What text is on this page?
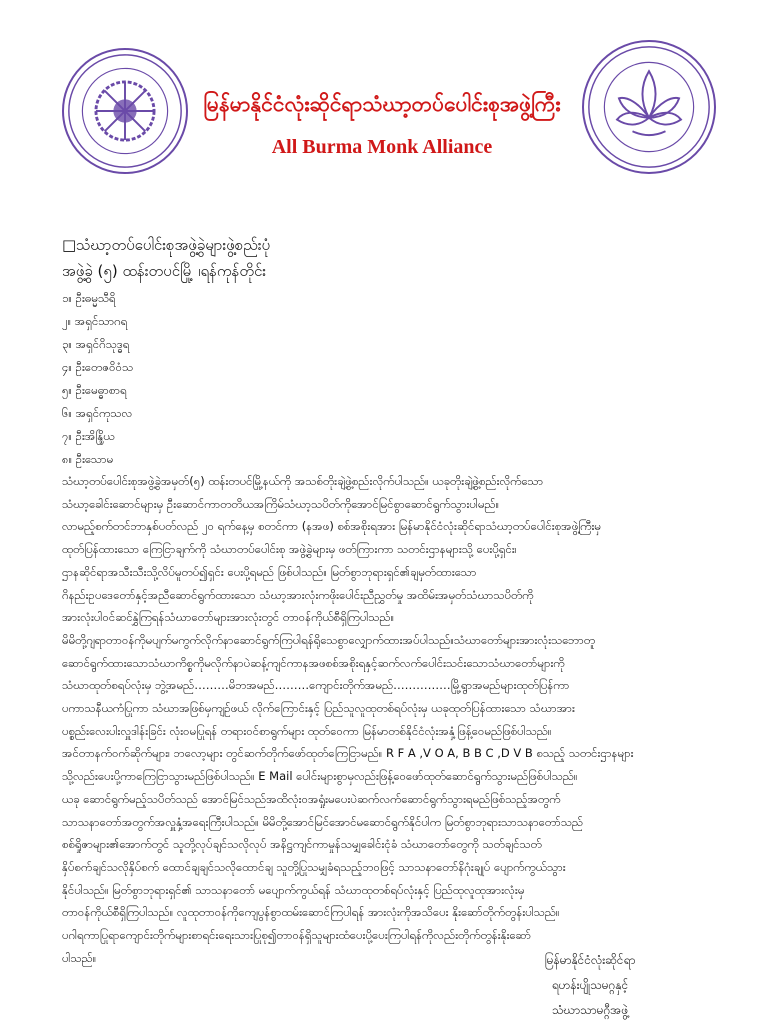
မြန်မာနိုင်ငံလုံးဆိုင်ရာသံဃာ့တပ်ပေါင်းစုအဖွဲ့ကြီး
All Burma Monk Alliance
□သံဃာ့တပ်ပေါင်းစုအဖွဲ့ခွဲများဖွဲ့စည်းပုံ
အဖွဲ့ခွဲ (၅) ထန်းတပင်မြို့ ၊ရန်ကုန်တိုင်း
၁။ ဦးဓမ္မသီရိ
၂။ အရှင်သာဂရ
၃။ အရှင်ဂိသုဒ္ဓရ
၄။ ဦးတေဇဝိဝံသ
၅။ ဦးမေဓ္ဓာစာရ
၆။ အရှင်ကုသလ
၇။ ဦးအိန္ဒြိယ
၈။ ဦးသောမ

သံဃာ့တပ်ပေါင်းစုအဖွဲ့ခွဲအမှတ်(၅) ထန်းတပင်မြို့နယ်ကို အသစ်တိုးချဲ့ဖွဲ့စည်းလိုက်ပါသည်။ ယခုတိုးချဲ့ဖွဲ့စည်းလိုက်သော

သံဃာ့ခေါင်းဆောင်များမှ ဦးဆောင်ကာတတိယအကြိမ်သံဃာ့သပိတ်ကိုအောင်မြင်စွာဆောင်ရွက်သွားပါမည်။

လာမည့်စက်တင်ဘာနှစ်ပတ်လည် ၂၀ ရက်နေ့မှ စတင်ကာ (နအဖ) စစ်အစိုးရအား မြန်မာနိုင်ငံလုံးဆိုင်ရာသံဃာ့တပ်ပေါင်းစုအဖွဲ့ကြီးမှ

ထုတ်ပြန်ထားသော ကြေငြာချက်ကို သံဃာတပ်ပေါင်းစု အဖွဲ့ခွဲများမှ ဖတ်ကြားကာ သတင်းဌာနများသို့ ပေးပို့ရှင်း၊

ဌာနဆိုင်ရာအသီးသီးသို့လိပ်မူတပ်၍ရှင်း ပေးပို့ရမည် ဖြစ်ပါသည်။ မြတ်စွာဘုရားရှင်၏ချမှတ်ထားသော

ဂိနည်းဥပဒေတော်နှင့်အညီဆောင်ရွက်ထားသော သံဃာ့အားလုံးကဖိုးပေါင်းညီညွှတ်မှု အထိမ်းအမှတ်သံဃာသပိတ်ကို

အားလုံးပါဝင်ဆင်နွှဲကြရန်သံဃာတော်များအားလုံးတွင် တာဝန်ကိုယ်စီရှိကြပါသည်။

မိမိတို့ဂျရာတာဝန်ကိုမပျက်မကွက်လိုက်နာဆောင်ရွက်ကြပါရန်ရိုသေစွာလျှောက်ထားအပ်ပါသည်။သံဃာတော်များအားလုံးသဘောတူ

ဆောင်ရွက်ထားသောသံဃာကိစ္စကိုမလိုက်နာပဲဆန့်ကျင်ကာနအဖစစ်အစိုးရနှင့်ဆက်လက်ပေါင်းသင်းသောသံဃာတော်များကို

သံဃာထုတ်စရပ်လုံးမှ ဘွဲ့အမည်………မိဘအမည်………ကျောင်းတိုက်အမည်……………မြို့ရွာအမည်များထုတ်ပြန်ကာ

ပကာသနီယကံပြုကာ သံဃာအဖြစ်မှကျဉ်ဖယ် လိုက်ကြောင်းနှင့် ပြည်သူလူထုတစ်ရပ်လုံးမှ ယခုထုတ်ပြန်ထားသော သံဃာအား

ပစ္စည်းလေးပါးလှူဒါန်းခြင်း လုံးဝမပြုရန် တရားဝင်စာရွက်များ ထုတ်ဝေကာ မြန်မာတစ်နိုင်ငံလုံးအနှံ့ဖြန့်ဝေမည်ဖြစ်ပါသည်။

အင်တာနက်ဝက်ဆိုက်များ၊ ဘလော့များ တွင်ဆက်တိုက်ဖော်ထုတ်ကြေငြာမည်။ R F A ,V O A, B B C ,D V B စသည့် သတင်းဌာနများ

သို့လည်းပေးပို့ကာကြေငြာသွားမည်ဖြစ်ပါသည်။ E Mail ပေါင်းများစွာမှလည်းဖြန့်ဝေဖော်ထုတ်ဆောင်ရွက်သွားမည်ဖြစ်ပါသည်။

ယခု ဆောင်ရွက်မည့်သပိတ်သည် အောင်မြင်သည်အထိလုံးဝအရှုံးမပေးပဲဆက်လက်ဆောင်ရွက်သွားရမည်ဖြစ်သည့်အတွက်

သာသနာတော်အတွက်အလှူနှံ့အရေးကြီးပါသည်။ မိမိတို့အောင်မြင်အောင်မဆောင်ရွက်နိုင်ပါက မြတ်စွာဘုရားသာသနာတော်သည်

စစ်ရှိုဇာများ၏အောက်တွင် သူတို့လုပ်ချင်သလိုလုပ် အနိဋ္ဌကျင်ကာမှုန်သမျှခေါင်းငုံခံ သံဃာတော်တွေကို သတ်ချင်သတ်

နှိပ်စက်ချင်သလိုနှိပ်စက် ထောင်ချချင်သလိုထောင်ချ သူတို့ပြုသမျှခံရသည့်ဘဝဖြင့် သာသနာတော်နိဂုံးချုပ် ပျောက်ကွယ်သွား

နိုင်ပါသည်။ မြတ်စွာဘုရားရှင်၏ သာသနာတော် မပျောက်ကွယ်ရန် သံဃာထုတစ်ရပ်လုံးနှင့် ပြည်ထုလူထုအားလုံးမှ

တာဝန်ကိုယ်စီရှိကြပါသည်။ လူထုတာဝန်ကိုကျေပွန်စွာထမ်းဆောင်ကြပါရန် အားလုံးကိုအသိပေး နိုးဆော်တိုက်တွန်းပါသည်။

ပဂါရကာပြုရာကျောင်းတိုက်များစာရင်းရေးသားပြုစု၍တာဝန်ရှိသူများထံပေးပို့ပေးကြပါရန်ကိုလည်းတိုက်တွန်းနိုးဆော်

ပါသည်။	မြန်မာနိုင်ငံလုံးဆိုင်ရာ
ရဟန်းပျိုသမဂ္ဂနှင့်
သံဃာသာမဂ္ဂီအဖွဲ့
